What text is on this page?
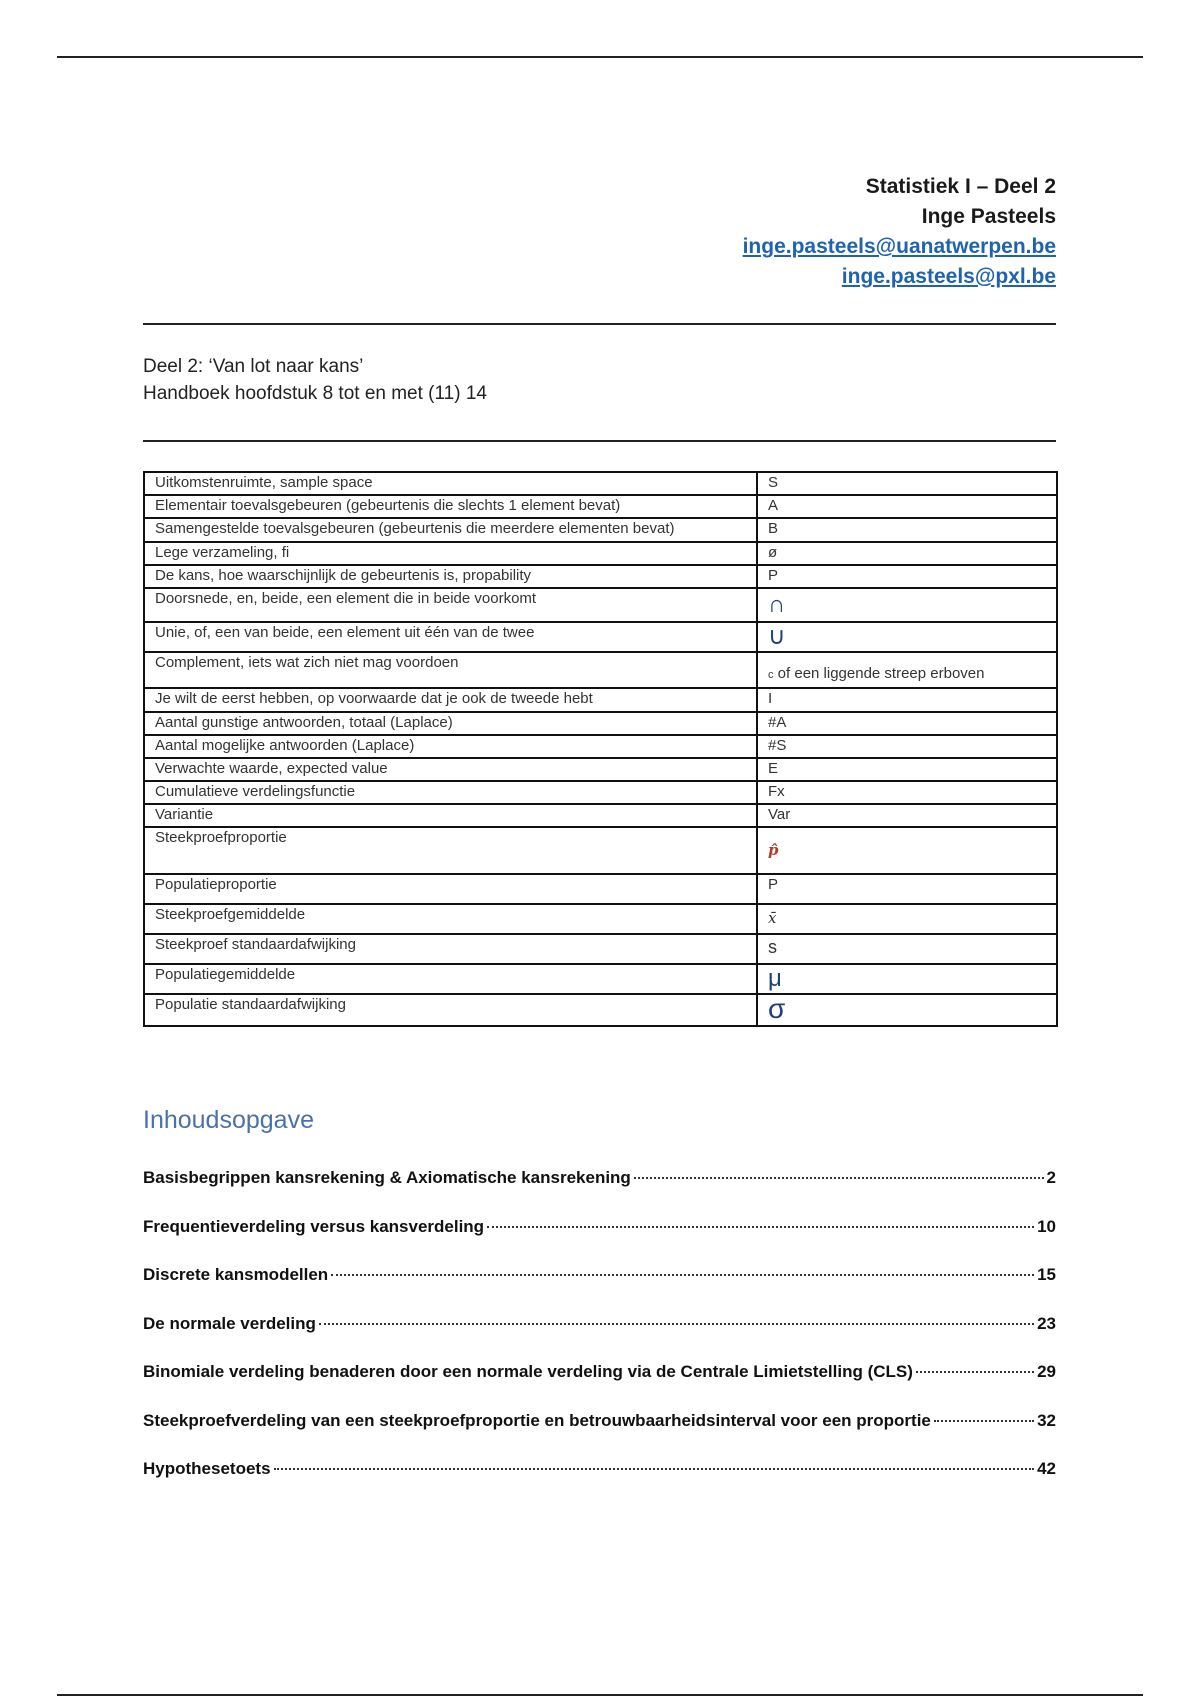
Statistiek I – Deel 2
Inge Pasteels
inge.pasteels@uanatwerpen.be
inge.pasteels@pxl.be
Deel 2: ‘Van lot naar kans’
Handboek hoofdstuk 8 tot en met (11) 14
Uitkomstenruimte, sample space	S
Elementair toevalsgebeuren (gebeurtenis die slechts 1 element bevat)	A
Samengestelde toevalsgebeuren (gebeurtenis die meerdere elementen bevat)	B
Lege verzameling, fi	ø
De kans, hoe waarschijnlijk de gebeurtenis is, propability	P
Doorsnede, en, beide, een element die in beide voorkomt	∩

Unie, of, een van beide, een element uit één van de twee	∪

Complement, iets wat zich niet mag voordoen	c of een liggende streep erboven

Je wilt de eerst hebben, op voorwaarde dat je ook de tweede hebt	I
Aantal gunstige antwoorden, totaal (Laplace)	#A
Aantal mogelijke antwoorden (Laplace)	#S
Verwachte waarde, expected value	E
Cumulatieve verdelingsfunctie	Fx
Variantie	Var
Steekproefproportie	p̂

Populatieproportie	P
Steekproefgemiddelde	x̄

Steekproef standaardafwijking	s

Populatiegemiddelde	μ

Populatie standaardafwijking	σ
Inhoudsopgave
Basisbegrippen kansrekening & Axiomatische kansrekening	2
Frequentieverdeling versus kansverdeling	10
Discrete kansmodellen	15
De normale verdeling	23
Binomiale verdeling benaderen door een normale verdeling via de Centrale Limietstelling (CLS)	29
Steekproefverdeling van een steekproefproportie en betrouwbaarheidsinterval voor een proportie	32
Hypothesetoets	42
